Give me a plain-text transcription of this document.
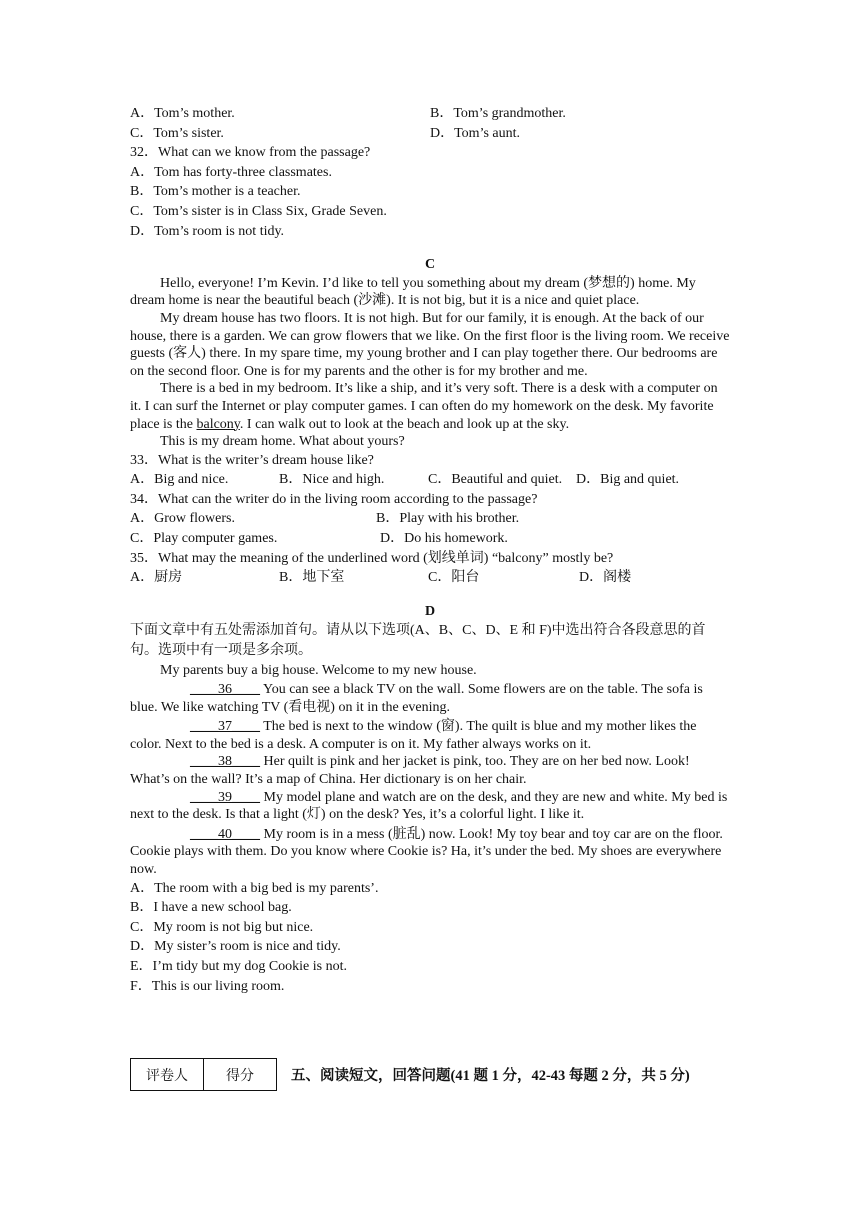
A．Tom’s mother.	B．Tom’s grandmother.
C．Tom’s sister.	D．Tom’s aunt.
32．What can we know from the passage?
A．Tom has forty-three classmates.
B．Tom’s mother is a teacher.
C．Tom’s sister is in Class Six, Grade Seven.
D．Tom’s room is not tidy.
C
Hello, everyone! I’m Kevin. I’d like to tell you something about my dream (梦想的) home. My dream home is near the beautiful beach (沙滩). It is not big, but it is a nice and quiet place.
My dream house has two floors. It is not high. But for our family, it is enough. At the back of our house, there is a garden. We can grow flowers that we like. On the first floor is the living room. We receive guests (客人) there. In my spare time, my young brother and I can play together there. Our bedrooms are on the second floor. One is for my parents and the other is for my brother and me.
There is a bed in my bedroom. It’s like a ship, and it’s very soft. There is a desk with a computer on it. I can surf the Internet or play computer games. I can often do my homework on the desk. My favorite place is the balcony. I can walk out to look at the beach and look up at the sky.
This is my dream home. What about yours?
33．What is the writer’s dream house like?
A．Big and nice.	B．Nice and high.	C．Beautiful and quiet. D．Big and quiet.
34．What can the writer do in the living room according to the passage?
A．Grow flowers.	B．Play with his brother.
C．Play computer games.	D．Do his homework.
35．What may the meaning of the underlined word (划线单词) “balcony” mostly be?
A．厨房	B．地下室	C．阳台	D．阁楼
D
下面文章中有五处需添加首句。请从以下选项(A、B、C、D、E 和 F)中选出符合各段意思的首句。选项中有一项是多余项。
My parents buy a big house. Welcome to my new house.
____36____ You can see a black TV on the wall. Some flowers are on the table. The sofa is blue. We like watching TV (看电视) on it in the evening.
____37____ The bed is next to the window (窗). The quilt is blue and my mother likes the color. Next to the bed is a desk. A computer is on it. My father always works on it.
____38____ Her quilt is pink and her jacket is pink, too. They are on her bed now. Look! What’s on the wall? It’s a map of China. Her dictionary is on her chair.
____39____ My model plane and watch are on the desk, and they are new and white. My bed is next to the desk. Is that a light (灯) on the desk? Yes, it’s a colorful light. I like it.
____40____ My room is in a mess (脏乱) now. Look! My toy bear and toy car are on the floor. Cookie plays with them. Do you know where Cookie is? Ha, it’s under the bed. My shoes are everywhere now.
A．The room with a big bed is my parents’.
B．I have a new school bag.
C．My room is not big but nice.
D．My sister’s room is nice and tidy.
E．I’m tidy but my dog Cookie is not.
F．This is our living room.
评卷人	得分	五、阅读短文，回答问题(41 题 1 分，42-43 每题 2 分，共 5 分)
